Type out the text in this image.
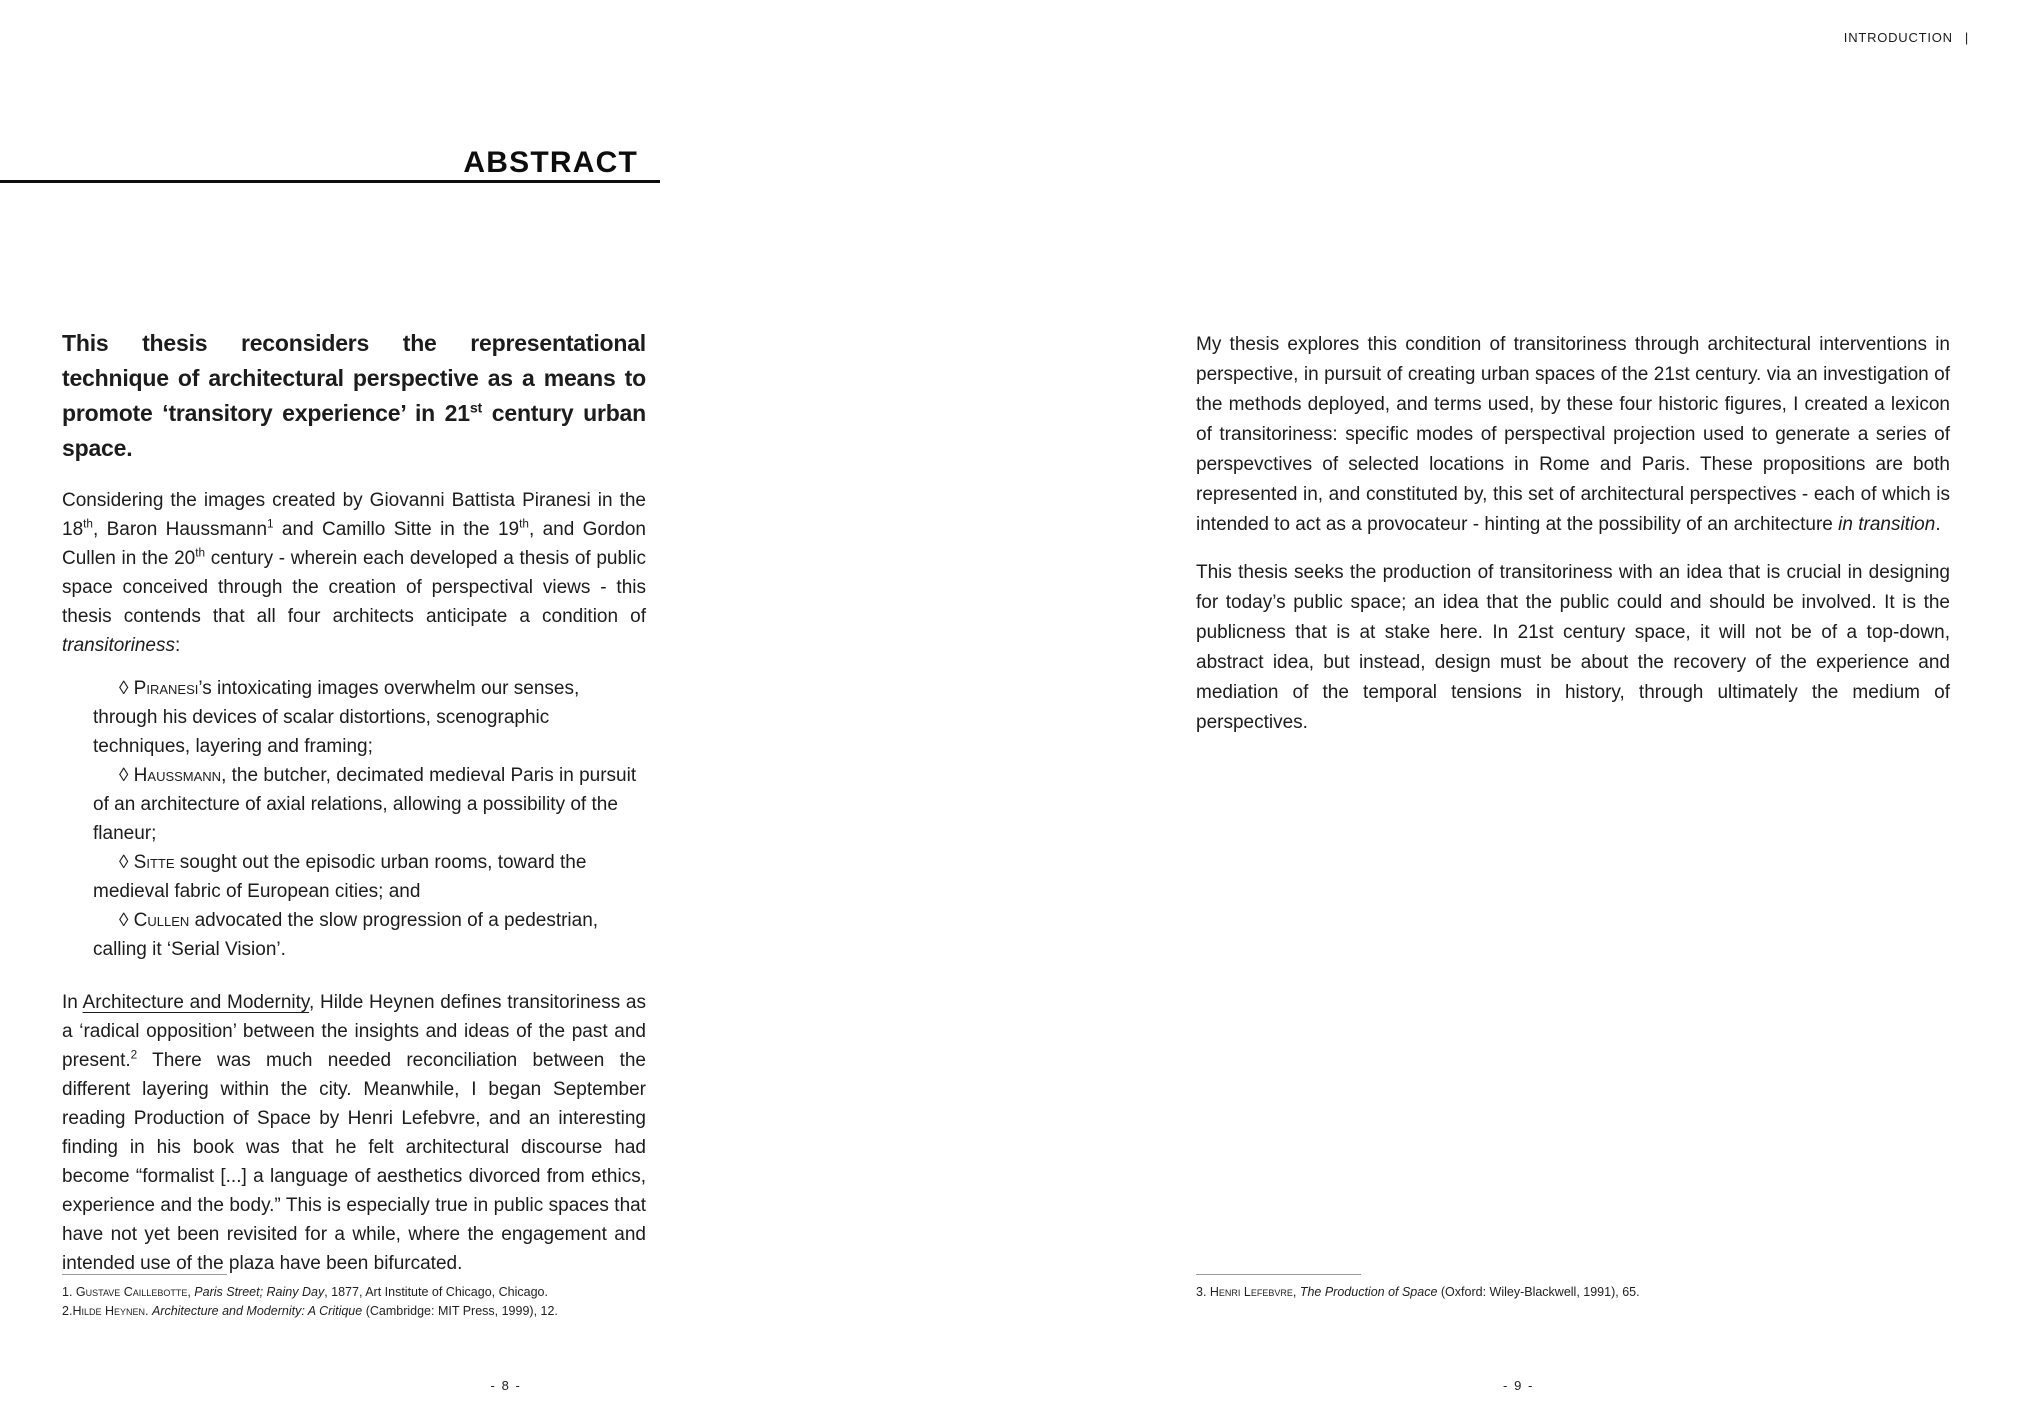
INTRODUCTION |
ABSTRACT

This thesis reconsiders the representational technique of architectural perspective as a means to promote ‘transitory experience’ in 21st century urban space.

Considering the images created by Giovanni Battista Piranesi in the 18th, Baron Haussmann$^1$ and Camillo Sitte in the 19th, and Gordon Cullen in the 20th century - wherein each developed a thesis of public space conceived through the creation of perspectival views - this thesis contends that all four architects anticipate a condition of transitoriness:

◊ Piranesi’s intoxicating images overwhelm our senses, through his devices of scalar distortions, scenographic techniques, layering and framing;

◊ Haussmann, the butcher, decimated medieval Paris in pursuit of an architecture of axial relations, allowing a possibility of the flaneur;

◊ Sitte sought out the episodic urban rooms, toward the medieval fabric of European cities; and

◊ Cullen advocated the slow progression of a pedestrian, calling it ‘Serial Vision’.

In Architecture and Modernity, Hilde Heynen defines transitoriness as a ‘radical opposition’ between the insights and ideas of the past and present.$^2$ There was much needed reconciliation between the different layering within the city. Meanwhile, I began September reading Production of Space by Henri Lefebvre, and an interesting finding in his book was that he felt architectural discourse had become “formalist [...] a language of aesthetics divorced from ethics, experience and the body.” This is especially true in public spaces that have not yet been revisited for a while, where the engagement and intended use of the plaza have been bifurcated.

My thesis explores this condition of transitoriness through architectural interventions in perspective, in pursuit of creating urban spaces of the 21st century. via an investigation of the methods deployed, and terms used, by these four historic figures, I created a lexicon of transitoriness: specific modes of perspectival projection used to generate a series of perspevctives of selected locations in Rome and Paris. These propositions are both represented in, and constituted by, this set of architectural perspectives - each of which is intended to act as a provocateur - hinting at the possibility of an architecture in transition.

This thesis seeks the production of transitoriness with an idea that is crucial in designing for today’s public space; an idea that the public could and should be involved. It is the publicness that is at stake here. In 21st century space, it will not be of a top-down, abstract idea, but instead, design must be about the recovery of the experience and mediation of the temporal tensions in history, through ultimately the medium of perspectives.

1. Gustave Caillebotte, Paris Street; Rainy Day, 1877, Art Institute of Chicago, Chicago.

2.Hilde Heynen. Architecture and Modernity: A Critique (Cambridge: MIT Press, 1999), 12.

3. Henri Lefebvre, The Production of Space (Oxford: Wiley-Blackwell, 1991), 65.

- 8 -	- 9 -
